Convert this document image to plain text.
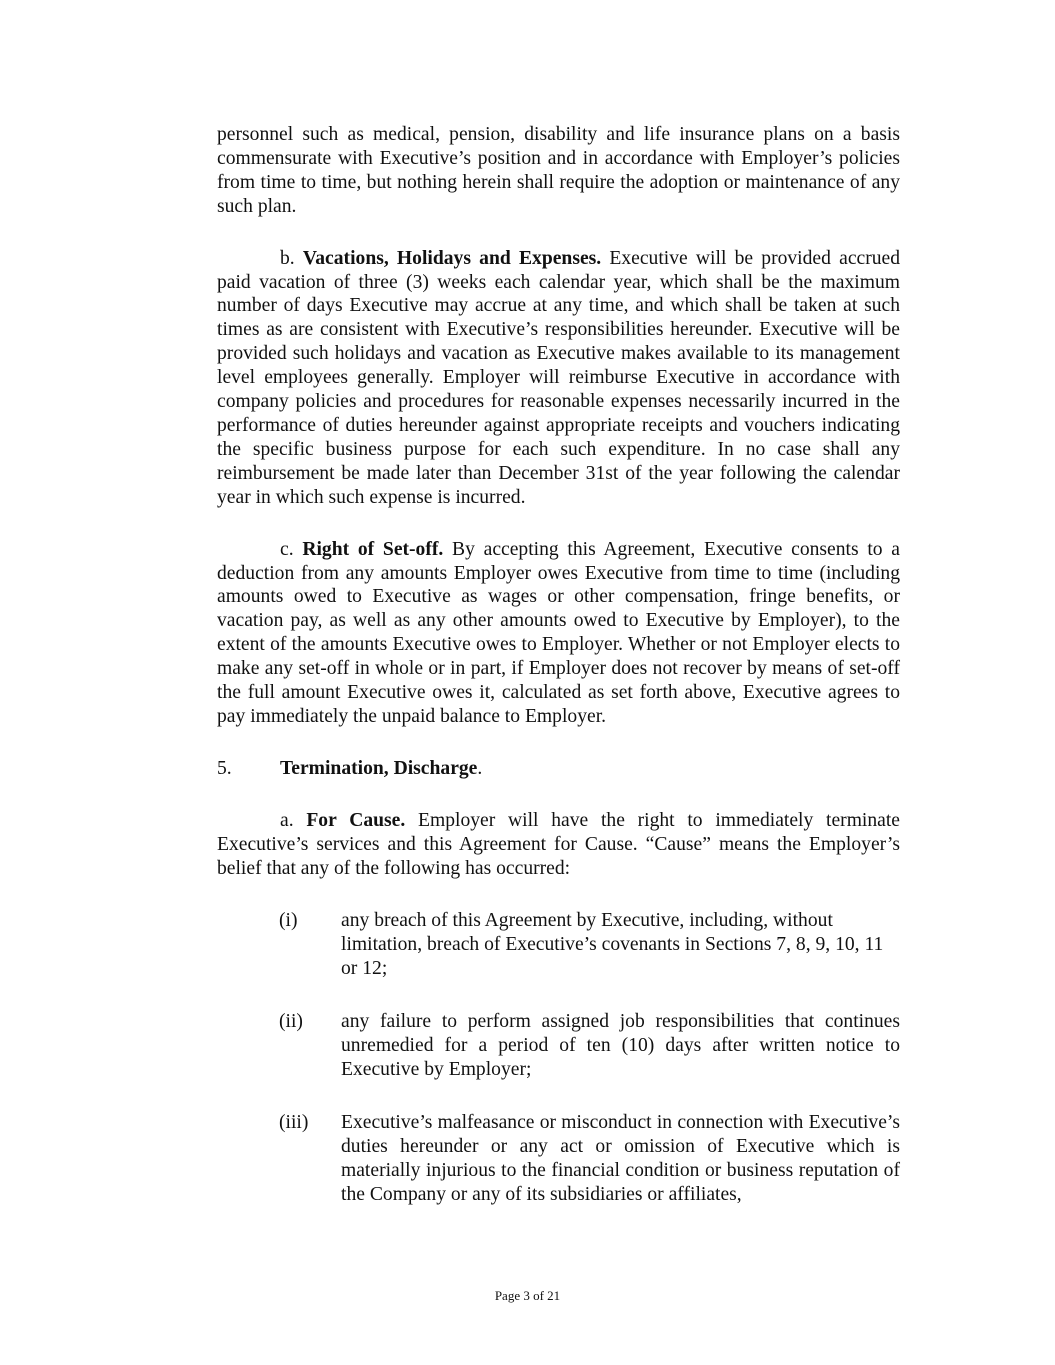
personnel such as medical, pension, disability and life insurance plans on a basis commensurate with Executive’s position and in accordance with Employer’s policies from time to time, but nothing herein shall require the adoption or maintenance of any such plan.

b. Vacations, Holidays and Expenses. Executive will be provided accrued paid vacation of three (3) weeks each calendar year, which shall be the maximum number of days Executive may accrue at any time, and which shall be taken at such times as are consistent with Executive’s responsibilities hereunder. Executive will be provided such holidays and vacation as Executive makes available to its management level employees generally. Employer will reimburse Executive in accordance with company policies and procedures for reasonable expenses necessarily incurred in the performance of duties hereunder against appropriate receipts and vouchers indicating the specific business purpose for each such expenditure. In no case shall any reimbursement be made later than December 31st of the year following the calendar year in which such expense is incurred.

c. Right of Set-off. By accepting this Agreement, Executive consents to a deduction from any amounts Employer owes Executive from time to time (including amounts owed to Executive as wages or other compensation, fringe benefits, or vacation pay, as well as any other amounts owed to Executive by Employer), to the extent of the amounts Executive owes to Employer. Whether or not Employer elects to make any set-off in whole or in part, if Employer does not recover by means of set-off the full amount Executive owes it, calculated as set forth above, Executive agrees to pay immediately the unpaid balance to Employer.

5.	Termination, Discharge.

a. For Cause. Employer will have the right to immediately terminate Executive’s services and this Agreement for Cause. “Cause” means the Employer’s belief that any of the following has occurred:

(i)	any breach of this Agreement by Executive, including, without limitation, breach of Executive’s covenants in Sections 7, 8, 9, 10, 11 or 12;
(ii)	any failure to perform assigned job responsibilities that continues unremedied for a period of ten (10) days after written notice to Executive by Employer;
(iii)	Executive’s malfeasance or misconduct in connection with Executive’s duties hereunder or any act or omission of Executive which is materially injurious to the financial condition or business reputation of the Company or any of its subsidiaries or affiliates,
Page 3 of 21
